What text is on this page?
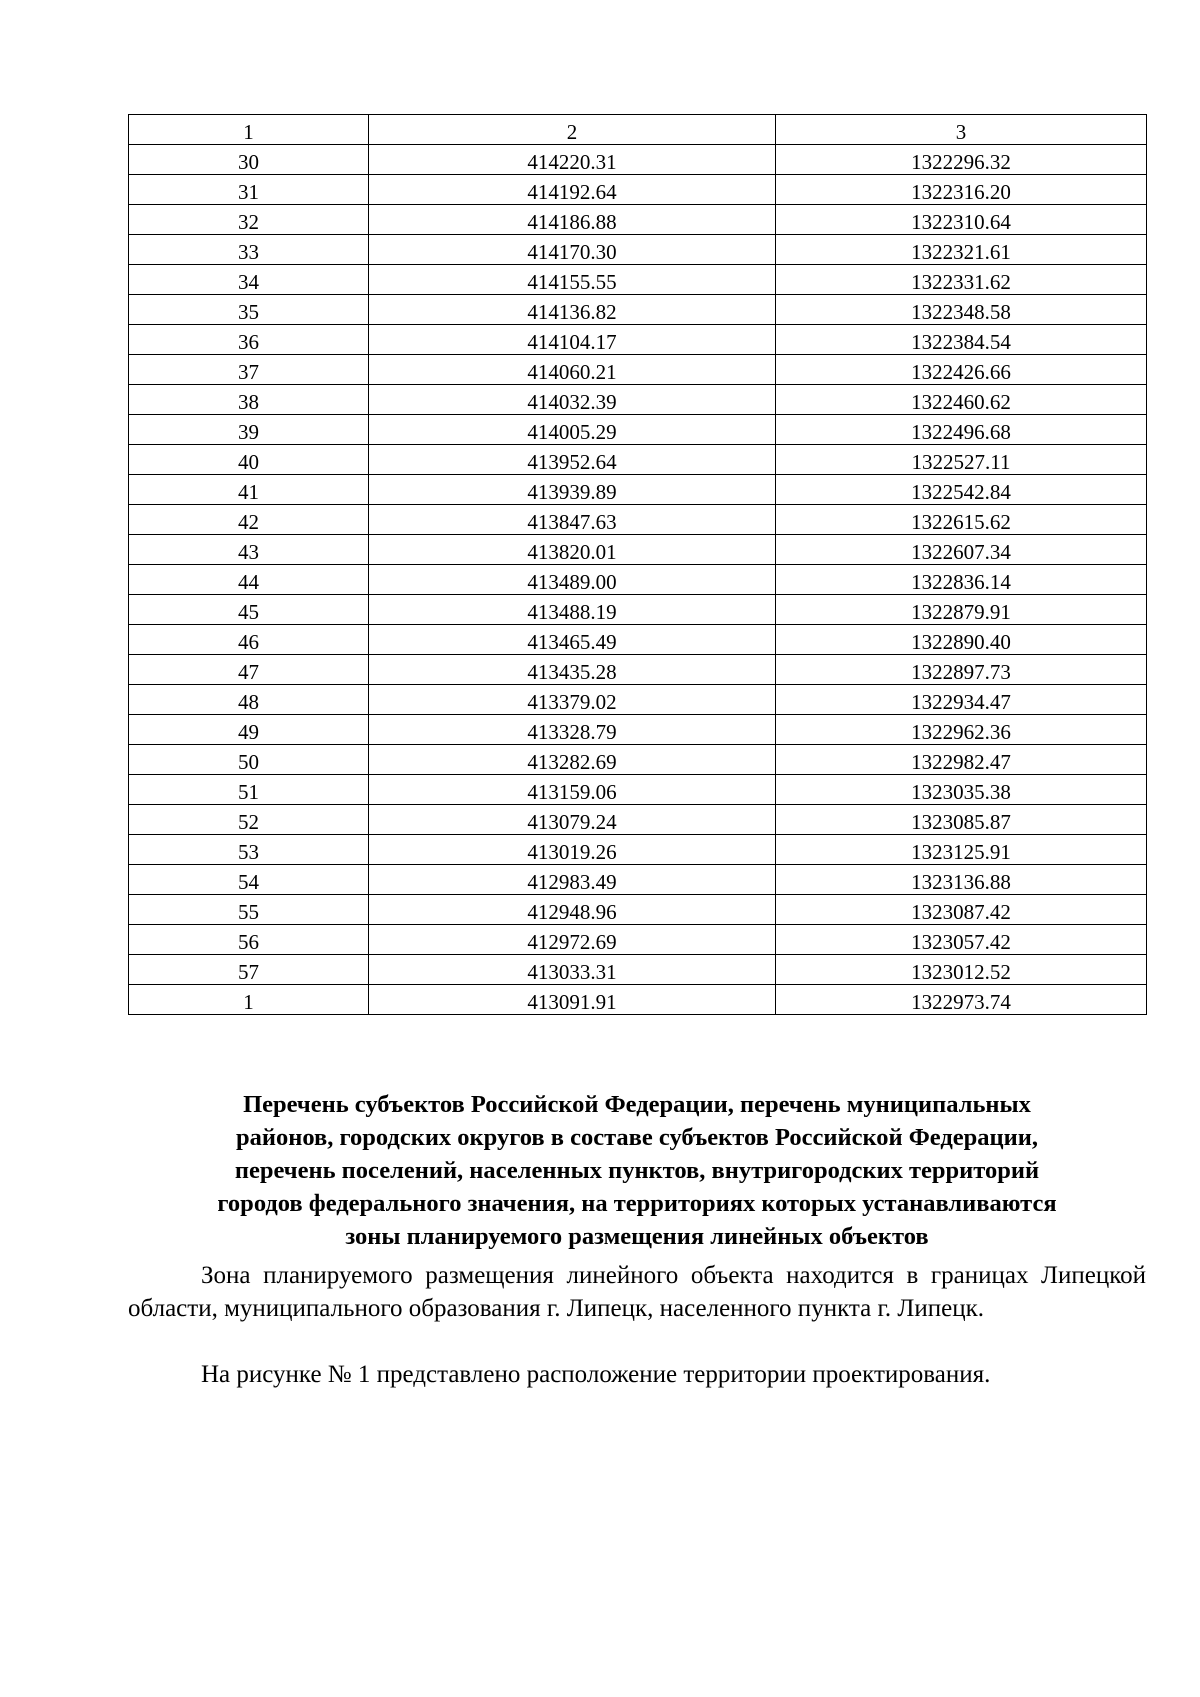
1	2	3
30	414220.31	1322296.32
31	414192.64	1322316.20
32	414186.88	1322310.64
33	414170.30	1322321.61
34	414155.55	1322331.62
35	414136.82	1322348.58
36	414104.17	1322384.54
37	414060.21	1322426.66
38	414032.39	1322460.62
39	414005.29	1322496.68
40	413952.64	1322527.11
41	413939.89	1322542.84
42	413847.63	1322615.62
43	413820.01	1322607.34
44	413489.00	1322836.14
45	413488.19	1322879.91
46	413465.49	1322890.40
47	413435.28	1322897.73
48	413379.02	1322934.47
49	413328.79	1322962.36
50	413282.69	1322982.47
51	413159.06	1323035.38
52	413079.24	1323085.87
53	413019.26	1323125.91
54	412983.49	1323136.88
55	412948.96	1323087.42
56	412972.69	1323057.42
57	413033.31	1323012.52
1	413091.91	1322973.74
Перечень субъектов Российской Федерации, перечень муниципальных
районов, городских округов в составе субъектов Российской Федерации,
перечень поселений, населенных пунктов, внутригородских территорий
городов федерального значения, на территориях которых устанавливаются
зоны планируемого размещения линейных объектов

Зона планируемого размещения линейного объекта находится в границах Липецкой области, муниципального образования г. Липецк, населенного пункта г. Липецк.

На рисунке № 1 представлено расположение территории проектирования.
